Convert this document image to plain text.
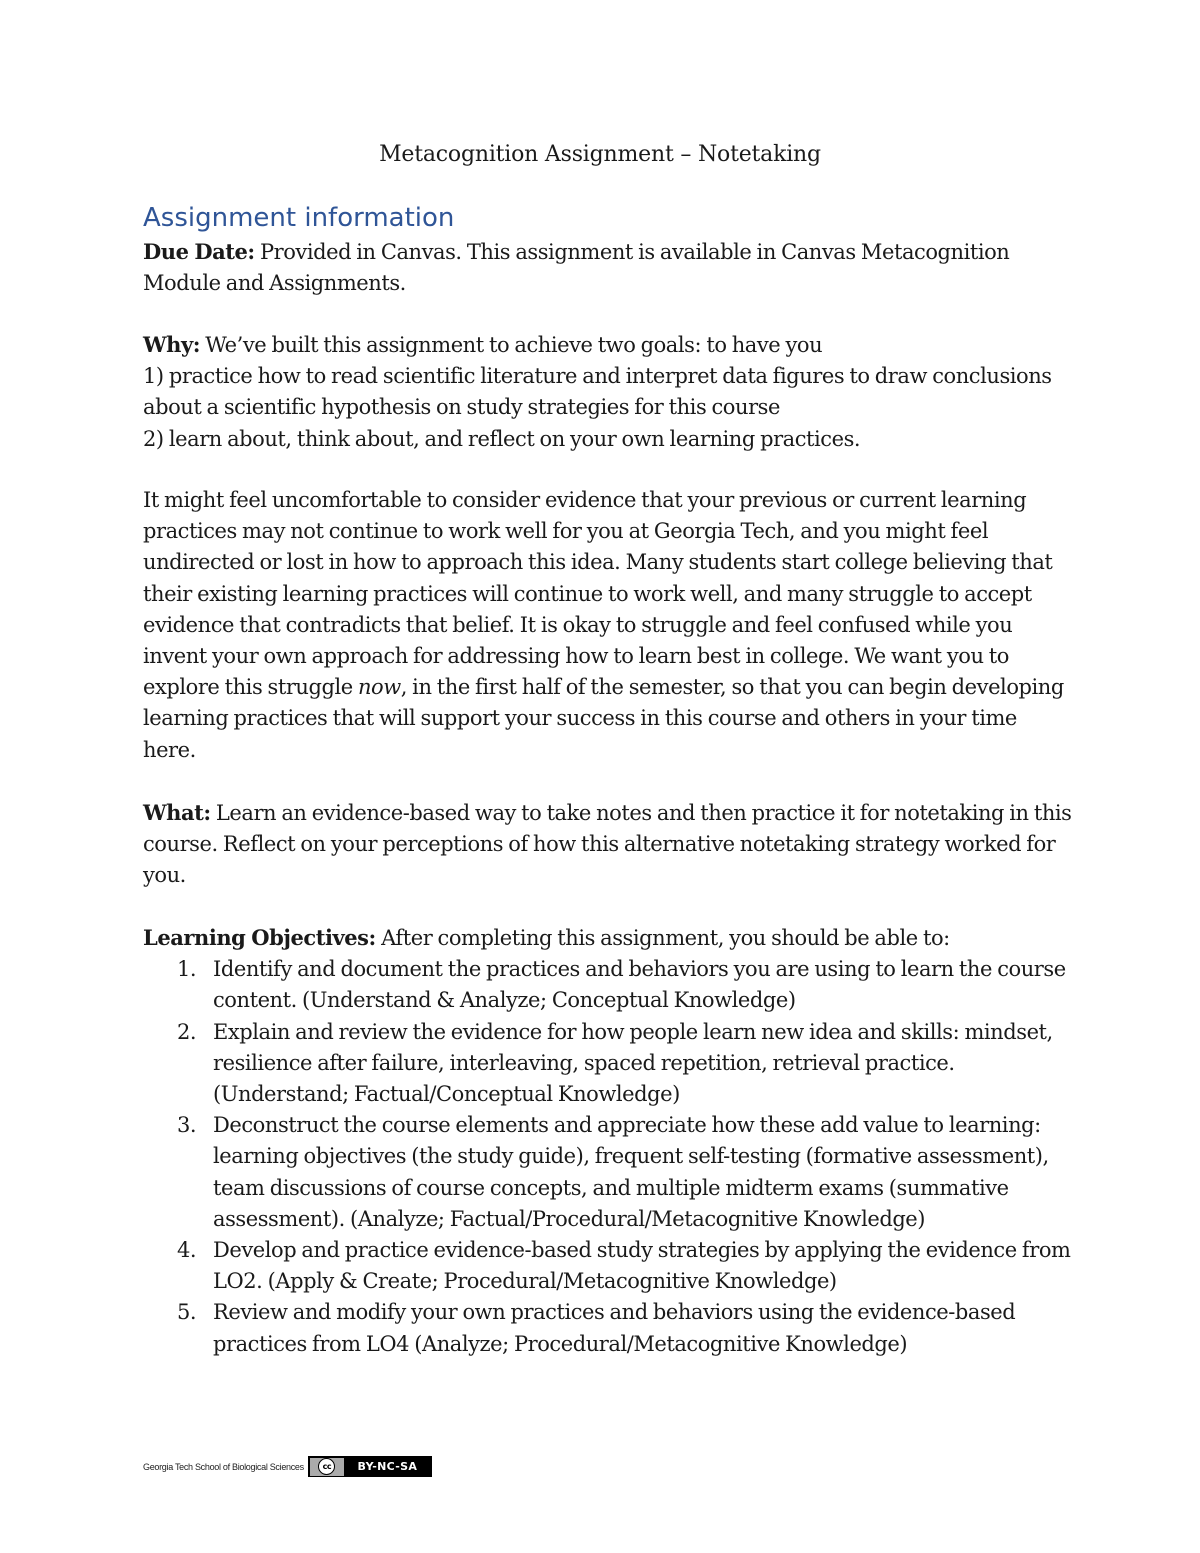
Metacognition Assignment – Notetaking
Assignment information

Due Date: Provided in Canvas. This assignment is available in Canvas Metacognition Module and Assignments.

Why: We’ve built this assignment to achieve two goals: to have you

1) practice how to read scientific literature and interpret data figures to draw conclusions about a scientific hypothesis on study strategies for this course

2) learn about, think about, and reflect on your own learning practices.

It might feel uncomfortable to consider evidence that your previous or current learning practices may not continue to work well for you at Georgia Tech, and you might feel undirected or lost in how to approach this idea. Many students start college believing that their existing learning practices will continue to work well, and many struggle to accept evidence that contradicts that belief. It is okay to struggle and feel confused while you invent your own approach for addressing how to learn best in college. We want you to explore this struggle now, in the first half of the semester, so that you can begin developing learning practices that will support your success in this course and others in your time here.

What: Learn an evidence-based way to take notes and then practice it for notetaking in this course. Reflect on your perceptions of how this alternative notetaking strategy worked for you.

Learning Objectives: After completing this assignment, you should be able to:

Identify and document the practices and behaviors you are using to learn the course content. (Understand & Analyze; Conceptual Knowledge)
Explain and review the evidence for how people learn new idea and skills: mindset, resilience after failure, interleaving, spaced repetition, retrieval practice. (Understand; Factual/Conceptual Knowledge)
Deconstruct the course elements and appreciate how these add value to learning: learning objectives (the study guide), frequent self-testing (formative assessment), team discussions of course concepts, and multiple midterm exams (summative assessment). (Analyze; Factual/Procedural/Metacognitive Knowledge)
Develop and practice evidence-based study strategies by applying the evidence from LO2. (Apply & Create; Procedural/Metacognitive Knowledge)
Review and modify your own practices and behaviors using the evidence-based practices from LO4 (Analyze; Procedural/Metacognitive Knowledge)
Georgia Tech School of Biological Sciences	cc	BY-NC-SA
